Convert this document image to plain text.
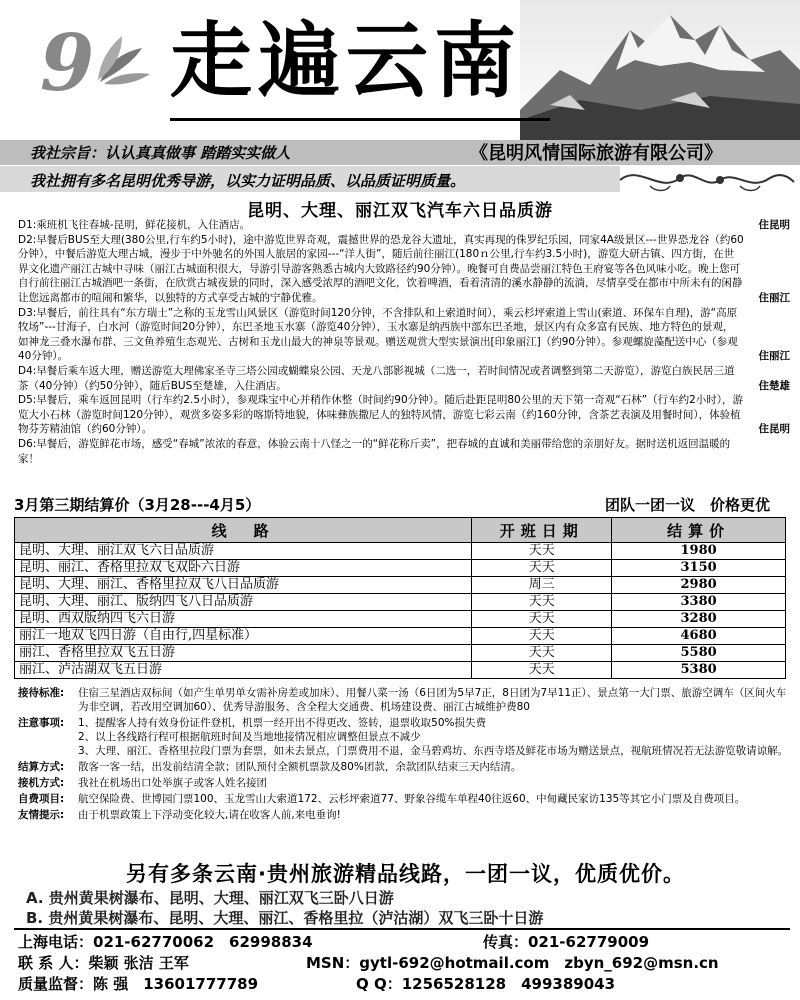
9 走遍云南
我社宗旨：认认真真做事 踏踏实实做人	《昆明风情国际旅游有限公司》
我社拥有多名昆明优秀导游，以实力证明品质、以品质证明质量。
昆明、大理、丽江双飞汽车六日品质游
D1:乘班机飞往春城-昆明，鲜花接机，入住酒店。	住昆明
D2:早餐后BUS至大理(380公里,行车约5小时)，途中游览世界奇观，震撼世界的恐龙谷大遗址，真实再现的侏罗纪乐园，同家4A级景区---世界恐龙谷（约60分钟），中餐后游览大理古城，漫步于中外驰名的外国人旅居的家园---“洋人街”，随后前往丽江(180ｎ公里,行车约3.5小时)，游览大研古镇、四方街，在世界文化遗产丽江古城中寻味（丽江古城面积很大，导游引导游客熟悉古城内大致路径约90分钟）。晚餐可自费品尝丽江特色王府宴等各色风味小吃。晚上您可自行前往丽江古城酒吧一条街，在欣赏古城夜景的同时，深入感受浓厚的酒吧文化，饮着啤酒，看着清清的溪水静静的流淌，尽情享受在都市中所未有的闲静让您远离都市的喧闹和繁华，以独特的方式享受古城的宁静优雅。	住丽江
D3:早餐后，前往具有“东方瑞士”之称的玉龙雪山风景区（游览时间120分钟，不含排队和上索道时间），乘云杉坪索道上雪山(索道、环保车自理)，游“高原牧场”---甘海子，白水河（游览时间20分钟），东巴圣地玉水寨（游览40分钟），玉水寨是纳西族中部东巴圣地，景区内有众多富有民族、地方特色的景观，如神龙三叠水瀑布群、三文鱼养殖生态观光、古树和玉龙山最大的神泉等景观。赠送观赏大型实景演出[印象丽江]（约90分钟）。参观螺旋藻配送中心（参观40分钟）。	住丽江
D4:早餐后乘车返大理，赠送游览大理佛家圣寺三塔公园或蝴蝶泉公园、天龙八部影视城（二选一，若时间情况或者调整到第二天游览），游览白族民居三道茶（40分钟）（约50分钟），随后BUS至楚雄，入住酒店。	住楚雄
D5:早餐后，乘车返回昆明（行车约2.5小时），参观珠宝中心并稍作休整（时间约90分钟）。随后赴距昆明80公里的天下第一奇观“石林”（行车约2小时），游览大小石林（游览时间120分钟），观赏多姿多彩的喀斯特地貌，体味彝族撒尼人的独特风情，游览七彩云南（约160分钟，含茶艺表演及用餐时间），体验植物芬芳精油馆（约60分钟）。	住昆明
D6:早餐后，游览鲜花市场，感受“春城”浓浓的春意，体验云南十八怪之一的“鲜花称斤卖”，把春城的直诚和美丽带给您的亲朋好友。据时送机返回温暖的家！
3月第三期结算价（3月28---4月5）	团队一团一议　价格更优
线　路	开班日期	结算价
昆明、大理、丽江双飞六日品质游	天天	1980
昆明、丽江、香格里拉双飞双卧六日游	天天	3150
昆明、大理、丽江、香格里拉双飞八日品质游	周三	2980
昆明、大理、丽江、版纳四飞八日品质游	天天	3380
昆明、西双版纳四飞六日游	天天	3280
丽江一地双飞四日游（自由行,四星标准）	天天	4680
丽江、香格里拉双飞五日游	天天	5580
丽江、泸沽湖双飞五日游	天天	5380
接待标准:	住宿三星酒店双标间（如产生单男单女需补房差或加床）、用餐八菜一汤（6日团为5早7正，8日团为7早11正）、景点第一大门票、旅游空调车（区间火车为非空调，若改用空调加60）、优秀导游服务、含全程大交通费、机场建设费、丽江古城维护费80
注意事项:	1、提醒客人持有效身份证件登机，机票一经开出不得更改、签转，退票收取50%损失费
2、以上各线路行程可根据航班时间及当地地接情况相应调整但景点不减少
3、大理、丽江、香格里拉段门票为套票，如未去景点，门票费用不退，金马碧鸡坊、东西寺塔及鲜花市场为赠送景点，视航班情况若无法游览敬请谅解。
结算方式:	散客一客一结，出发前结清全款；团队预付全额机票款及80%团款，余款团队结束三天内结清。
接机方式:	我社在机场出口处举旗子或客人姓名接团
自费项目:	航空保险费、世博园门票100、玉龙雪山大索道172、云杉坪索道77、野象谷缆车单程40往返60、中甸藏民家访135等其它小门票及自费项目。
友情提示:	由于机票政策上下浮动变化较大,请在收客人前,来电垂询!
另有多条云南·贵州旅游精品线路，一团一议，优质优价。
A. 贵州黄果树瀑布、昆明、大理、丽江双飞三卧八日游
B. 贵州黄果树瀑布、昆明、大理、丽江、香格里拉（泸沽湖）双飞三卧十日游
上海电话：021-62770062　62998834	传真：021-62779009
联 系 人：柴颖 张洁 王军	MSN：gytl-692@hotmail.com　zbyn_692@msn.cn
质量监督：陈 强　13601777789	Q Q：1256528128　499389043
